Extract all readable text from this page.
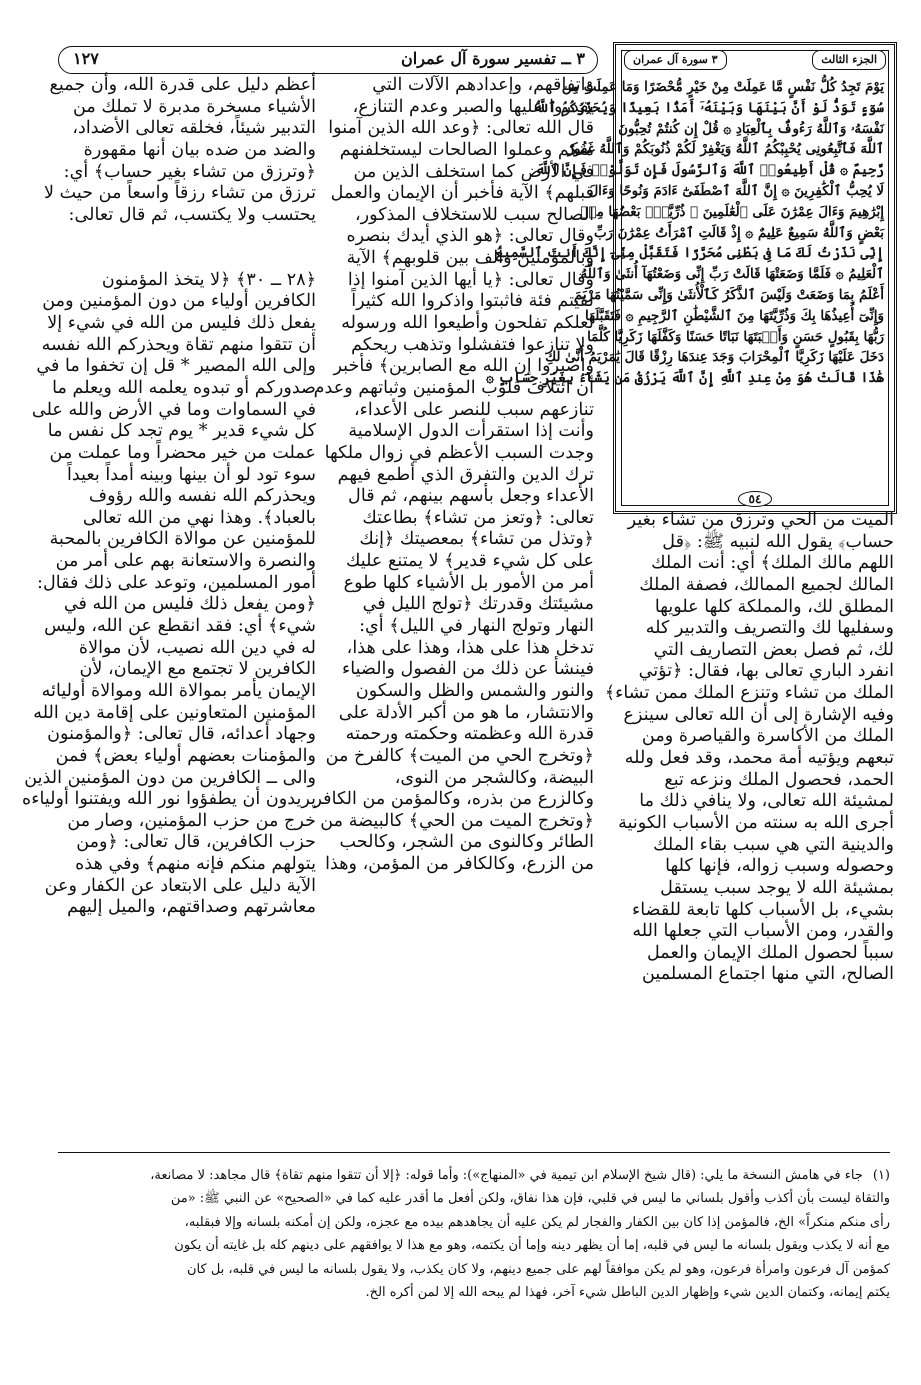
٣ ــ تفسير سورة آل عمران
١٢٧	الجزء الثالث
٣ سورة آل عمران
يَوْمَ تَجِدُ كُلُّ نَفْسٍ مَّا عَمِلَتْ مِنْ خَيْرٍ مُّحْضَرًا وَمَا عَمِلَتْ مِن
سُوٓءٍ تَوَدُّ لَوْ أَنَّ بَيْنَهَا وَبَيْنَهُۥٓ أَمَدًۢا بَعِيدًا وَيُحَذِّرُكُمُ ٱللَّهُ
نَفْسَهُۥ وَٱللَّهُ رَءُوفٌۢ بِٱلْعِبَادِ ۞ قُلْ إِن كُنتُمْ تُحِبُّونَ
ٱللَّهَ فَٱتَّبِعُونِى يُحْبِبْكُمُ ٱللَّهُ وَيَغْفِرْ لَكُمْ ذُنُوبَكُمْ وَٱللَّهُ غَفُورٌ
رَّحِيمٌ ۞ قُلْ أَطِيعُوا۟ ٱللَّهَ وَٱلرَّسُولَ فَإِن تَوَلَّوْا۟ فَإِنَّ ٱللَّهَ
لَا يُحِبُّ ٱلْكَٰفِرِينَ ۞ إِنَّ ٱللَّهَ ٱصْطَفَىٰٓ ءَادَمَ وَنُوحًا وَءَالَ
إِبْرَٰهِيمَ وَءَالَ عِمْرَٰنَ عَلَى ٱلْعَٰلَمِينَ ۞ ذُرِّيَّةًۢ بَعْضُهَا مِنۢ
بَعْضٍ وَٱللَّهُ سَمِيعٌ عَلِيمٌ ۞ إِذْ قَالَتِ ٱمْرَأَتُ عِمْرَٰنَ رَبِّ
إِنِّى نَذَرْتُ لَكَ مَا فِى بَطْنِى مُحَرَّرًا فَتَقَبَّلْ مِنِّىٓ إِنَّكَ أَنتَ ٱلسَّمِيعُ
ٱلْعَلِيمُ ۞ فَلَمَّا وَضَعَتْهَا قَالَتْ رَبِّ إِنِّى وَضَعْتُهَآ أُنثَىٰ وَٱللَّهُ
أَعْلَمُ بِمَا وَضَعَتْ وَلَيْسَ ٱلذَّكَرُ كَٱلْأُنثَىٰ وَإِنِّى سَمَّيْتُهَا مَرْيَمَ
وَإِنِّىٓ أُعِيذُهَا بِكَ وَذُرِّيَّتَهَا مِنَ ٱلشَّيْطَٰنِ ٱلرَّجِيمِ ۞ فَتَقَبَّلَهَا
رَبُّهَا بِقَبُولٍ حَسَنٍ وَأَنۢبَتَهَا نَبَاتًا حَسَنًا وَكَفَّلَهَا زَكَرِيَّا كُلَّمَا
دَخَلَ عَلَيْهَا زَكَرِيَّا ٱلْمِحْرَابَ وَجَدَ عِندَهَا رِزْقًا قَالَ يَٰمَرْيَمُ أَنَّىٰ لَكِ
هَٰذَا قَالَتْ هُوَ مِنْ عِندِ ٱللَّهِ إِنَّ ٱللَّهَ يَرْزُقُ مَن يَشَآءُ بِغَيْرِ حِسَابٍ ۞
٥٤
الميت من الحي وترزق من تشاء بغير
حساب﴾ يقول الله لنبيه ﷺ: ﴿قل
اللهم مالك الملك﴾ أي: أنت الملك
المالك لجميع الممالك، فصفة الملك
المطلق لك، والمملكة كلها علويها
وسفليها لك والتصريف والتدبير كله
لك، ثم فصل بعض التصاريف التي
انفرد الباري تعالى بها، فقال: ﴿تؤتي
الملك من تشاء وتنزع الملك ممن تشاء﴾
وفيه الإشارة إلى أن الله تعالى سينزع
الملك من الأكاسرة والقياصرة ومن
تبعهم ويؤتيه أمة محمد، وقد فعل ولله
الحمد، فحصول الملك ونزعه تبع
لمشيئة الله تعالى، ولا ينافي ذلك ما
أجرى الله به سنته من الأسباب الكونية
والدينية التي هي سبب بقاء الملك
وحصوله وسبب زواله، فإنها كلها
بمشيئة الله لا يوجد سبب يستقل
بشيء، بل الأسباب كلها تابعة للقضاء
والقدر، ومن الأسباب التي جعلها الله
سبباً لحصول الملك الإيمان والعمل
الصالح، التي منها اجتماع المسلمين
واتفاقهم، وإعدادهم الآلات التي
يقدروا عليها والصبر وعدم التنازع،
قال الله تعالى: ﴿وعد الله الذين آمنوا
منكم وعملوا الصالحات ليستخلفنهم
في الأرض كما استخلف الذين من
قبلهم﴾ الآية فأخبر أن الإيمان والعمل
الصالح سبب للاستخلاف المذكور،
وقال تعالى: ﴿هو الذي أيدك بنصره
وبالمؤمنين وألف بين قلوبهم﴾ الآية
وقال تعالى: ﴿يا أيها الذين آمنوا إذا
لقيتم فئة فاثبتوا واذكروا الله كثيراً
لعلكم تفلحون وأطيعوا الله ورسوله
ولا تنازعوا فتفشلوا وتذهب ريحكم
واصبروا إن الله مع الصابرين﴾ فأخبر
أن ائتلاف قلوب المؤمنين وثباتهم وعدم
تنازعهم سبب للنصر على الأعداء،
وأنت إذا استقرأت الدول الإسلامية
وجدت السبب الأعظم في زوال ملكها
ترك الدين والتفرق الذي أطمع فيهم
الأعداء وجعل بأسهم بينهم، ثم قال
تعالى: ﴿وتعز من تشاء﴾ بطاعتك
﴿وتذل من تشاء﴾ بمعصيتك ﴿إنك
على كل شيء قدير﴾ لا يمتنع عليك
أمر من الأمور بل الأشياء كلها طوع
مشيئتك وقدرتك ﴿تولج الليل في
النهار وتولج النهار في الليل﴾ أي:
تدخل هذا على هذا، وهذا على هذا،
فينشأ عن ذلك من الفصول والضياء
والنور والشمس والظل والسكون
والانتشار، ما هو من أكبر الأدلة على
قدرة الله وعظمته وحكمته ورحمته
﴿وتخرج الحي من الميت﴾ كالفرخ من
البيضة، وكالشجر من النوى،
وكالزرع من بذره، وكالمؤمن من الكافر
﴿وتخرج الميت من الحي﴾ كالبيضة من
الطائر وكالنوى من الشجر، وكالحب
من الزرع، وكالكافر من المؤمن، وهذا
أعظم دليل على قدرة الله، وأن جميع
الأشياء مسخرة مدبرة لا تملك من
التدبير شيئاً، فخلقه تعالى الأضداد،
والضد من ضده بيان أنها مقهورة
﴿وترزق من تشاء بغير حساب﴾ أي:
ترزق من تشاء رزقاً واسعاً من حيث لا
يحتسب ولا يكتسب، ثم قال تعالى:
﴿٢٨ ــ ٣٠﴾ ﴿لا يتخذ المؤمنون
الكافرين أولياء من دون المؤمنين ومن
يفعل ذلك فليس من الله في شيء إلا
أن تتقوا منهم تقاة ويحذركم الله نفسه
وإلى الله المصير * قل إن تخفوا ما في
صدوركم أو تبدوه يعلمه الله ويعلم ما
في السماوات وما في الأرض والله على
كل شيء قدير * يوم تجد كل نفس ما
عملت من خير محضراً وما عملت من
سوء تود لو أن بينها وبينه أمداً بعيداً
ويحذركم الله نفسه والله رؤوف
بالعباد﴾. وهذا نهي من الله تعالى
للمؤمنين عن موالاة الكافرين بالمحبة
والنصرة والاستعانة بهم على أمر من
أمور المسلمين، وتوعد على ذلك فقال:
﴿ومن يفعل ذلك فليس من الله في
شيء﴾ أي: فقد انقطع عن الله، وليس
له في دين الله نصيب، لأن موالاة
الكافرين لا تجتمع مع الإيمان، لأن
الإيمان يأمر بموالاة الله وموالاة أوليائه
المؤمنين المتعاونين على إقامة دين الله
وجهاد أعدائه، قال تعالى: ﴿والمؤمنون
والمؤمنات بعضهم أولياء بعض﴾ فمن
والى ــ الكافرين من دون المؤمنين الذين
يريدون أن يطفؤوا نور الله ويفتنوا أولياءه
خرج من حزب المؤمنين، وصار من
حزب الكافرين، قال تعالى: ﴿ومن
يتولهم منكم فإنه منهم﴾ وفي هذه
الآية دليل على الابتعاد عن الكفار وعن
معاشرتهم وصداقتهم، والميل إليهم
(١)جاء في هامش النسخة ما يلي: (قال شيخ الإسلام ابن تيمية في «المنهاج»): وأما قوله: ﴿إلا أن تتقوا منهم تقاة﴾ قال مجاهد: لا مصانعة،
والتقاة ليست بأن أكذب وأقول بلساني ما ليس في قلبي، فإن هذا نفاق، ولكن أفعل ما أقدر عليه كما في «الصحيح» عن النبي ﷺ: «من
رأى منكم منكراً» الخ، فالمؤمن إذا كان بين الكفار والفجار لم يكن عليه أن يجاهدهم بيده مع عجزه، ولكن إن أمكنه بلسانه وإلا فبقلبه،
مع أنه لا يكذب ويقول بلسانه ما ليس في قلبه، إما أن يظهر دينه وإما أن يكتمه، وهو مع هذا لا يوافقهم على دينهم كله بل غايته أن يكون
كمؤمن آل فرعون وامرأة فرعون، وهو لم يكن موافقاً لهم على جميع دينهم، ولا كان يكذب، ولا يقول بلسانه ما ليس في قلبه، بل كان
يكتم إيمانه، وكتمان الدين شيء وإظهار الدين الباطل شيء آخر، فهذا لم يبحه الله إلا لمن أكره الخ.
